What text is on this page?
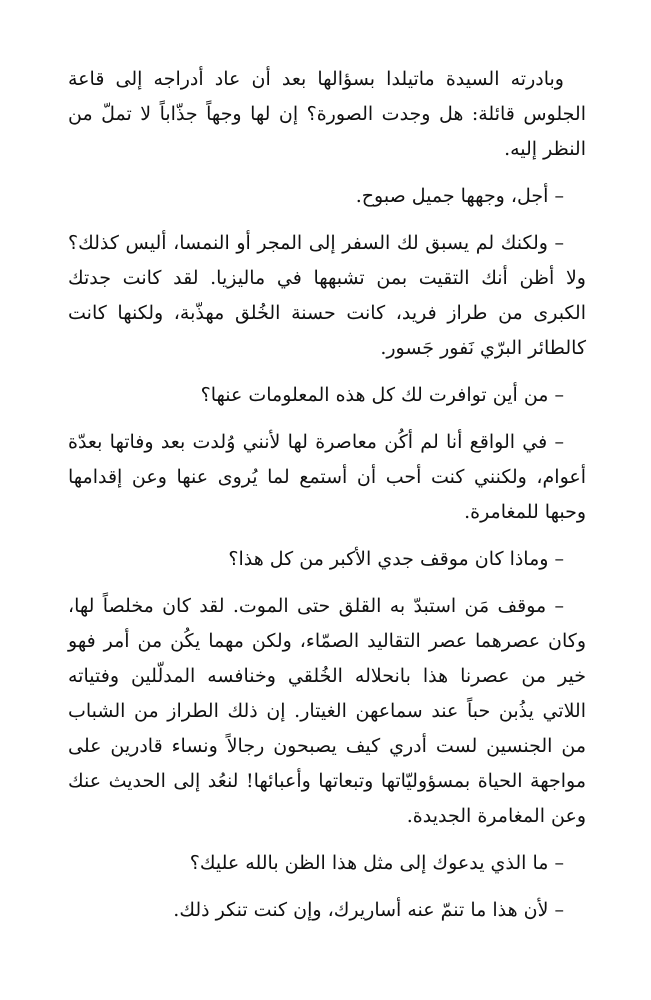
وبادرته السيدة ماتيلدا بسؤالها بعد أن عاد أدراجه إلى قاعة الجلوس قائلة: هل وجدت الصورة؟ إن لها وجهاً جذّاباً لا تملّ من النظر إليه.

– أجل، وجهها جميل صبوح.

– ولكنك لم يسبق لك السفر إلى المجر أو النمسا، أليس كذلك؟ ولا أظن أنك التقيت بمن تشبهها في ماليزيا. لقد كانت جدتك الكبرى من طراز فريد، كانت حسنة الخُلق مهذّبة، ولكنها كانت كالطائر البرّي نَفور جَسور.

– من أين توافرت لك كل هذه المعلومات عنها؟

– في الواقع أنا لم أكُن معاصرة لها لأنني وُلدت بعد وفاتها بعدّة أعوام، ولكنني كنت أحب أن أستمع لما يُروى عنها وعن إقدامها وحبها للمغامرة.

– وماذا كان موقف جدي الأكبر من كل هذا؟

– موقف مَن استبدّ به القلق حتى الموت. لقد كان مخلصاً لها، وكان عصرهما عصر التقاليد الصمّاء، ولكن مهما يكُن من أمر فهو خير من عصرنا هذا بانحلاله الخُلقي وخنافسه المدلّلين وفتياته اللاتي يذُبن حباً عند سماعهن الغيتار. إن ذلك الطراز من الشباب من الجنسين لست أدري كيف يصبحون رجالاً ونساء قادرين على مواجهة الحياة بمسؤوليّاتها وتبعاتها وأعبائها! لنعُد إلى الحديث عنك وعن المغامرة الجديدة.

– ما الذي يدعوك إلى مثل هذا الظن بالله عليك؟

– لأن هذا ما تنمّ عنه أساريرك، وإن كنت تنكر ذلك.
